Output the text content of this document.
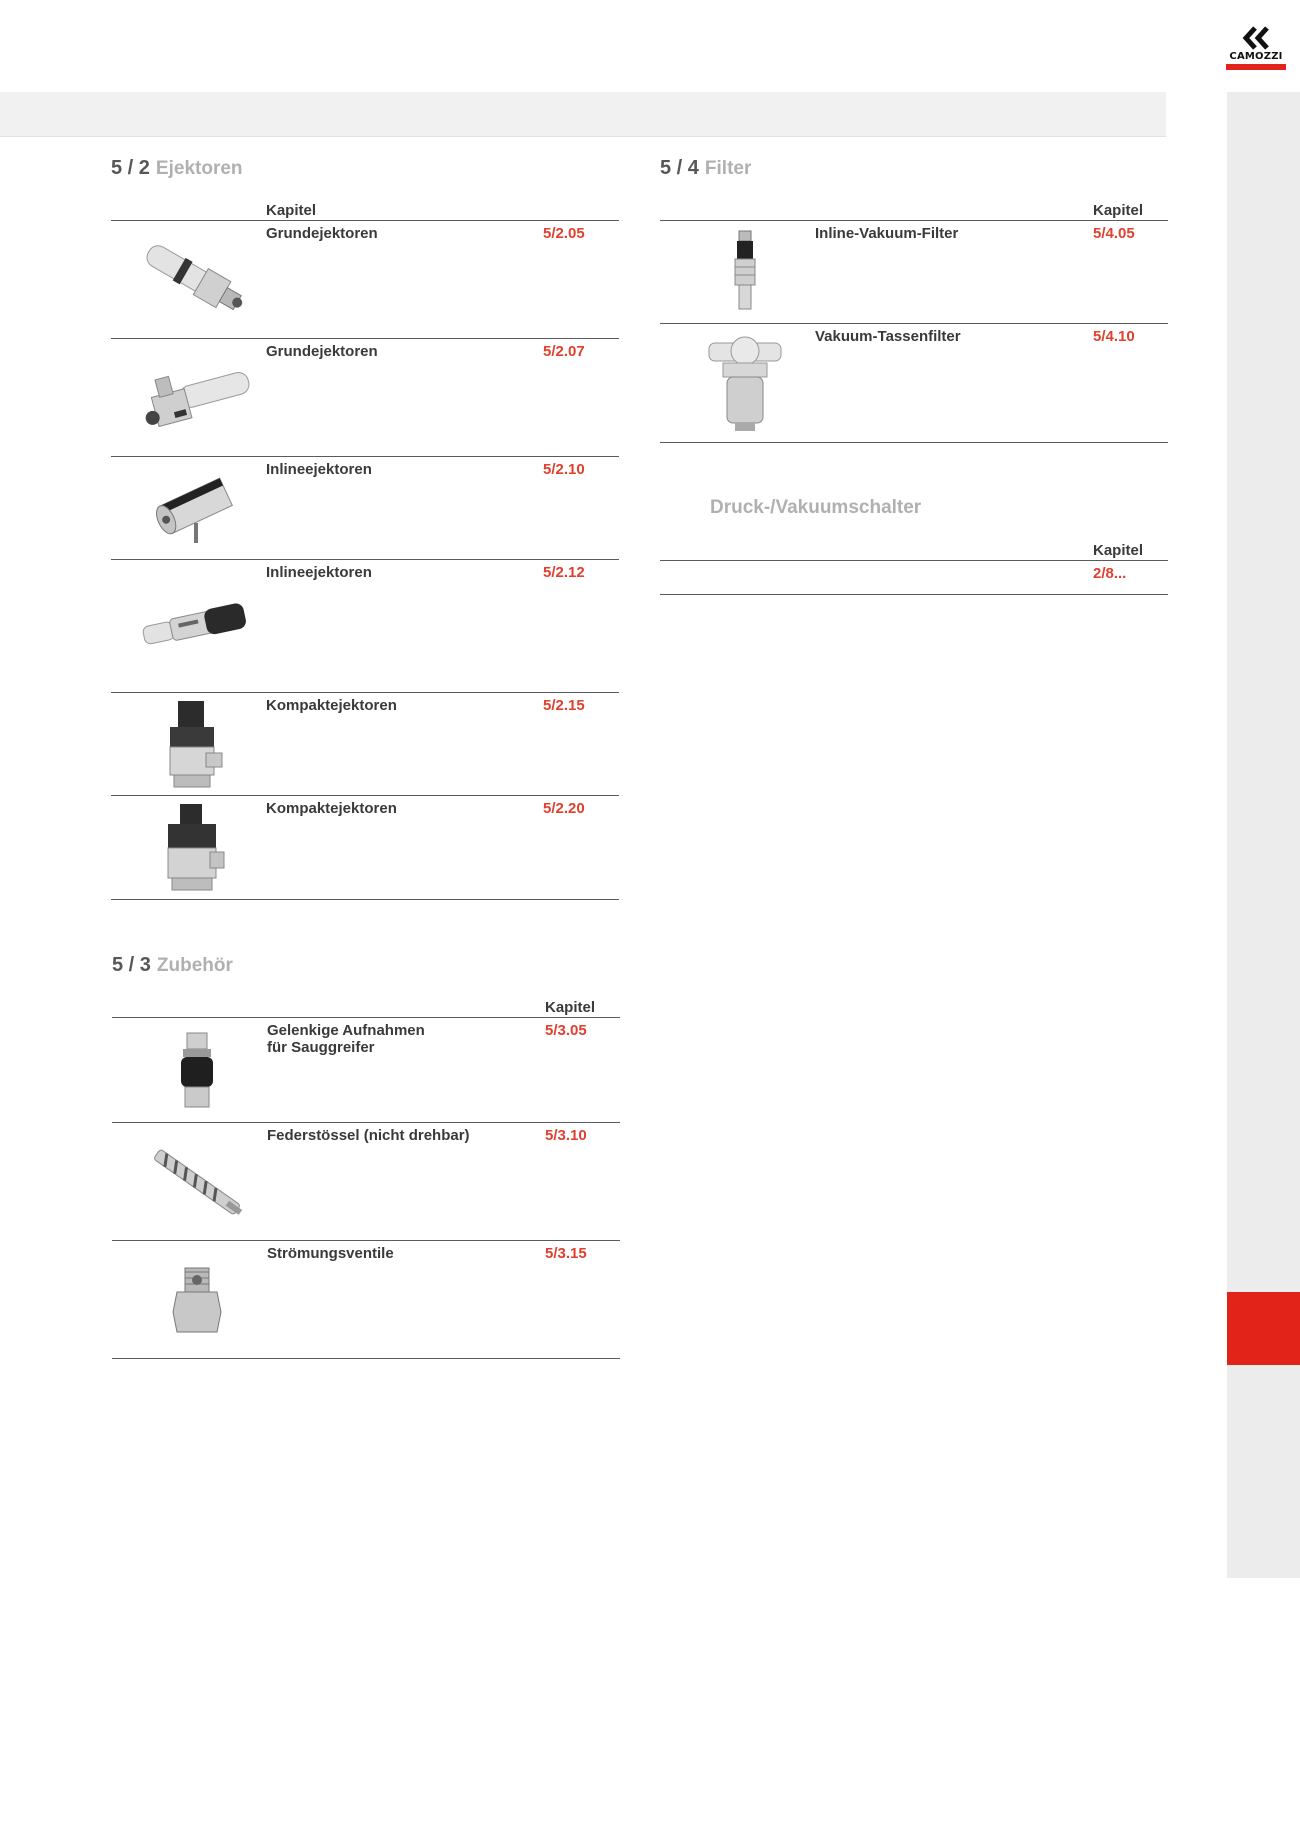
CAMOZZI
5 / 2 Ejektoren
Kapitel
Grundejektoren	5/2.05
Grundejektoren	5/2.07
Inlineejektoren	5/2.10
Inlineejektoren	5/2.12
Kompaktejektoren	5/2.15
Kompaktejektoren	5/2.20
5 / 3 Zubehör
Kapitel
Gelenkige Aufnahmen
für Sauggreifer
5/3.05
Federstössel (nicht drehbar)	5/3.10
Strömungsventile	5/3.15
5 / 4 Filter
Kapitel
Inline-Vakuum-Filter	5/4.05
Vakuum-Tassenfilter	5/4.10
Druck-/Vakuumschalter
Kapitel
2/8...
